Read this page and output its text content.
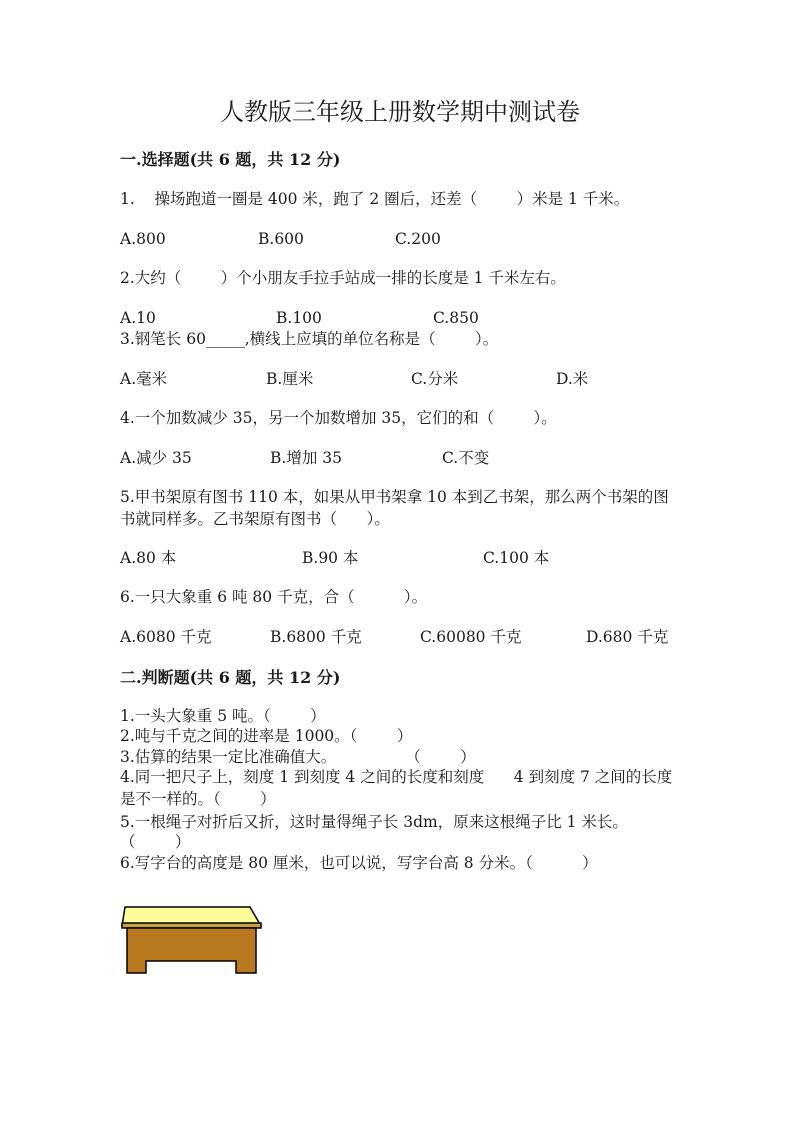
人教版三年级上册数学期中测试卷
一.选择题(共 6 题，共 12 分)
1.    操场跑道一圈是 400 米，跑了 2 圈后，还差（        ）米是 1 千米。
A.800	B.600	C.200
2.大约（        ）个小朋友手拉手站成一排的长度是 1 千米左右。
A.10	B.100	C.850
3.钢笔长 60_____,横线上应填的单位名称是（        ）。
A.毫米	B.厘米	C.分米	D.米
4.一个加数减少 35，另一个加数增加 35，它们的和（        ）。
A.减少 35	B.增加 35	C.不变
5.甲书架原有图书 110 本，如果从甲书架拿 10 本到乙书架，那么两个书架的图
书就同样多。乙书架原有图书（      ）。
A.80 本	B.90 本	C.100 本
6.一只大象重 6 吨 80 千克，合（          ）。
A.6080 千克	B.6800 千克	C.60080 千克	D.680 千克
二.判断题(共 6 题，共 12 分)
1.一头大象重 5 吨。（        ）
2.吨与千克之间的进率是 1000。（        ）
3.估算的结果一定比准确值大。              （        ）
4.同一把尺子上，刻度 1 到刻度 4 之间的长度和刻度      4 到刻度 7 之间的长度
是不一样的。（        ）
5.一根绳子对折后又折，这时量得绳子长 3dm，原来这根绳子比 1 米长。
（        ）
6.写字台的高度是 80 厘米，也可以说，写字台高 8 分米。（          ）
